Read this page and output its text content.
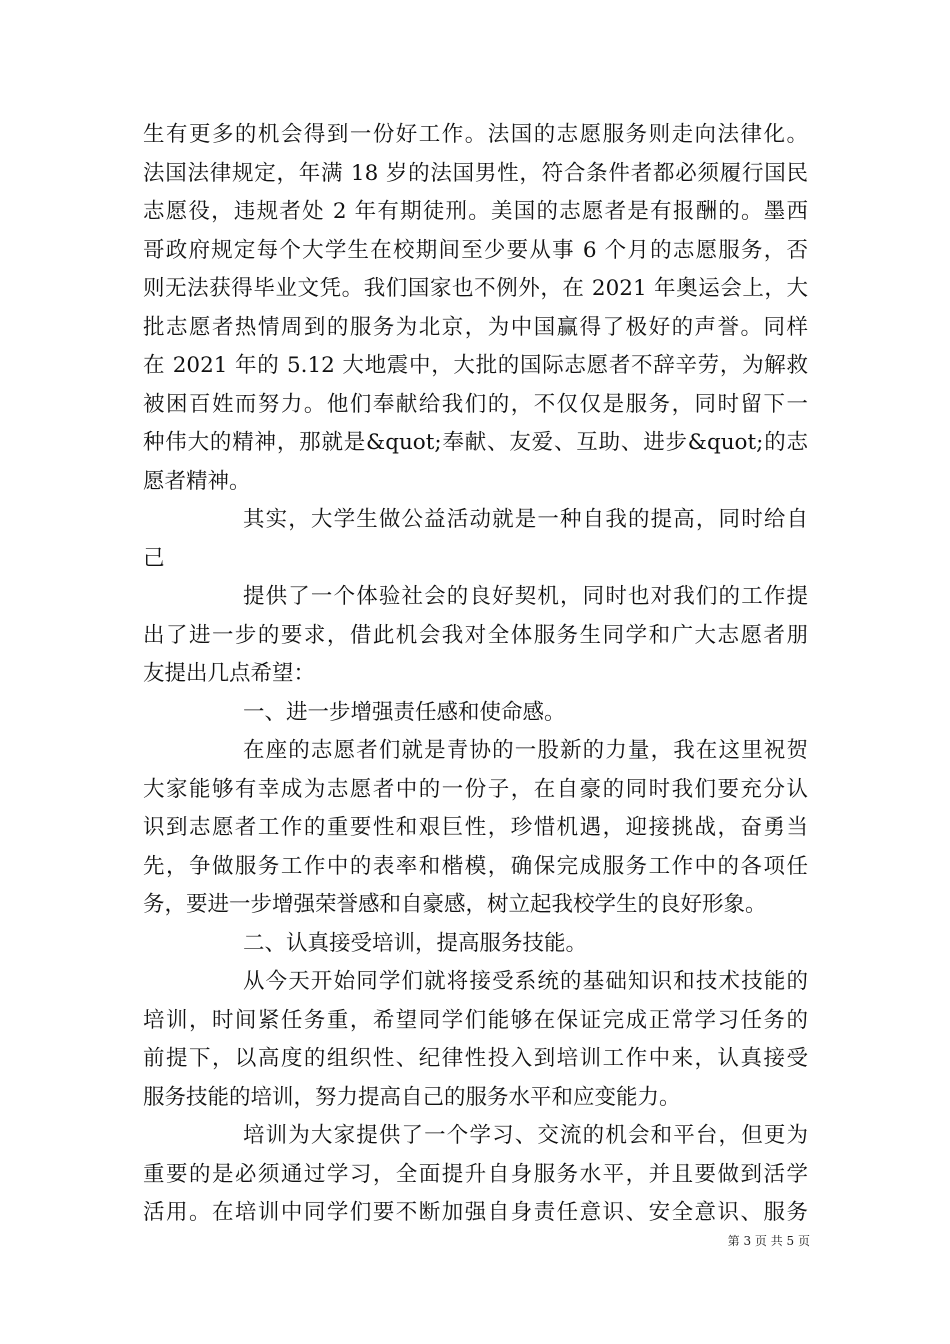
生有更多的机会得到一份好工作。法国的志愿服务则走向法律化。
法国法律规定，年满 18 岁的法国男性，符合条件者都必须履行国民
志愿役，违规者处 2 年有期徒刑。美国的志愿者是有报酬的。墨西
哥政府规定每个大学生在校期间至少要从事 6 个月的志愿服务，否
则无法获得毕业文凭。我们国家也不例外，在 2021 年奥运会上，大
批志愿者热情周到的服务为北京，为中国赢得了极好的声誉。同样
在 2021 年的 5.12 大地震中，大批的国际志愿者不辞辛劳，为解救
被困百姓而努力。他们奉献给我们的，不仅仅是服务，同时留下一
种伟大的精神，那就是&quot;奉献、友爱、互助、进步&quot;的志
愿者精神。
其实，大学生做公益活动就是一种自我的提高，同时给自
己
提供了一个体验社会的良好契机，同时也对我们的工作提
出了进一步的要求，借此机会我对全体服务生同学和广大志愿者朋
友提出几点希望：
一、进一步增强责任感和使命感。
在座的志愿者们就是青协的一股新的力量，我在这里祝贺
大家能够有幸成为志愿者中的一份子，在自豪的同时我们要充分认
识到志愿者工作的重要性和艰巨性，珍惜机遇，迎接挑战，奋勇当
先，争做服务工作中的表率和楷模，确保完成服务工作中的各项任
务，要进一步增强荣誉感和自豪感，树立起我校学生的良好形象。
二、认真接受培训，提高服务技能。
从今天开始同学们就将接受系统的基础知识和技术技能的
培训，时间紧任务重，希望同学们能够在保证完成正常学习任务的
前提下，以高度的组织性、纪律性投入到培训工作中来，认真接受
服务技能的培训，努力提高自己的服务水平和应变能力。
培训为大家提供了一个学习、交流的机会和平台，但更为
重要的是必须通过学习，全面提升自身服务水平，并且要做到活学
活用。在培训中同学们要不断加强自身责任意识、安全意识、服务
第 3 页 共 5 页
